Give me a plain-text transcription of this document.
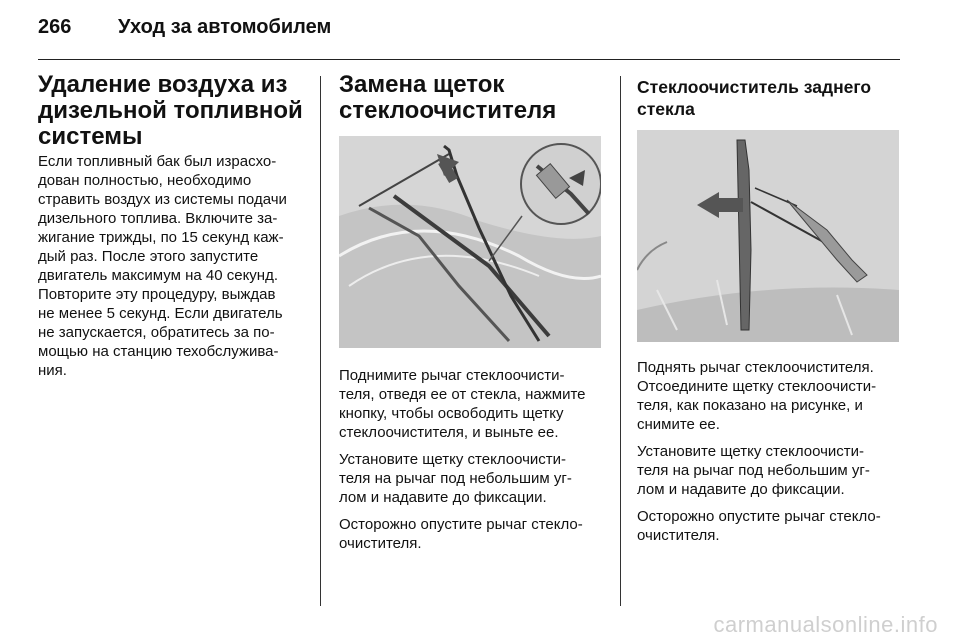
266	Уход за автомобилем
Удаление воздуха из
дизельной топливной
системы

Если топливный бак был израсхо-
дован полностью, необходимо
стравить воздух из системы подачи
дизельного топлива. Включите за-
жигание трижды, по 15 секунд каж-
дый раз. После этого запустите
двигатель максимум на 40 секунд.
Повторите эту процедуру, выждав
не менее 5 секунд. Если двигатель
не запускается, обратитесь за по-
мощью на станцию техобслужива-
ния.

Замена щеток
стеклоочистителя

Поднимите рычаг стеклоочисти-
теля, отведя ее от стекла, нажмите
кнопку, чтобы освободить щетку
стеклоочистителя, и выньте ее.

Установите щетку стеклоочисти-
теля на рычаг под небольшим уг-
лом и надавите до фиксации.

Осторожно опустите рычаг стекло-
очистителя.

Стеклоочиститель заднего
стекла

Поднять рычаг стеклоочистителя.
Отсоедините щетку стеклоочисти-
теля, как показано на рисунке, и
снимите ее.

Установите щетку стеклоочисти-
теля на рычаг под небольшим уг-
лом и надавите до фиксации.

Осторожно опустите рычаг стекло-
очистителя.

carmanualsonline.info
